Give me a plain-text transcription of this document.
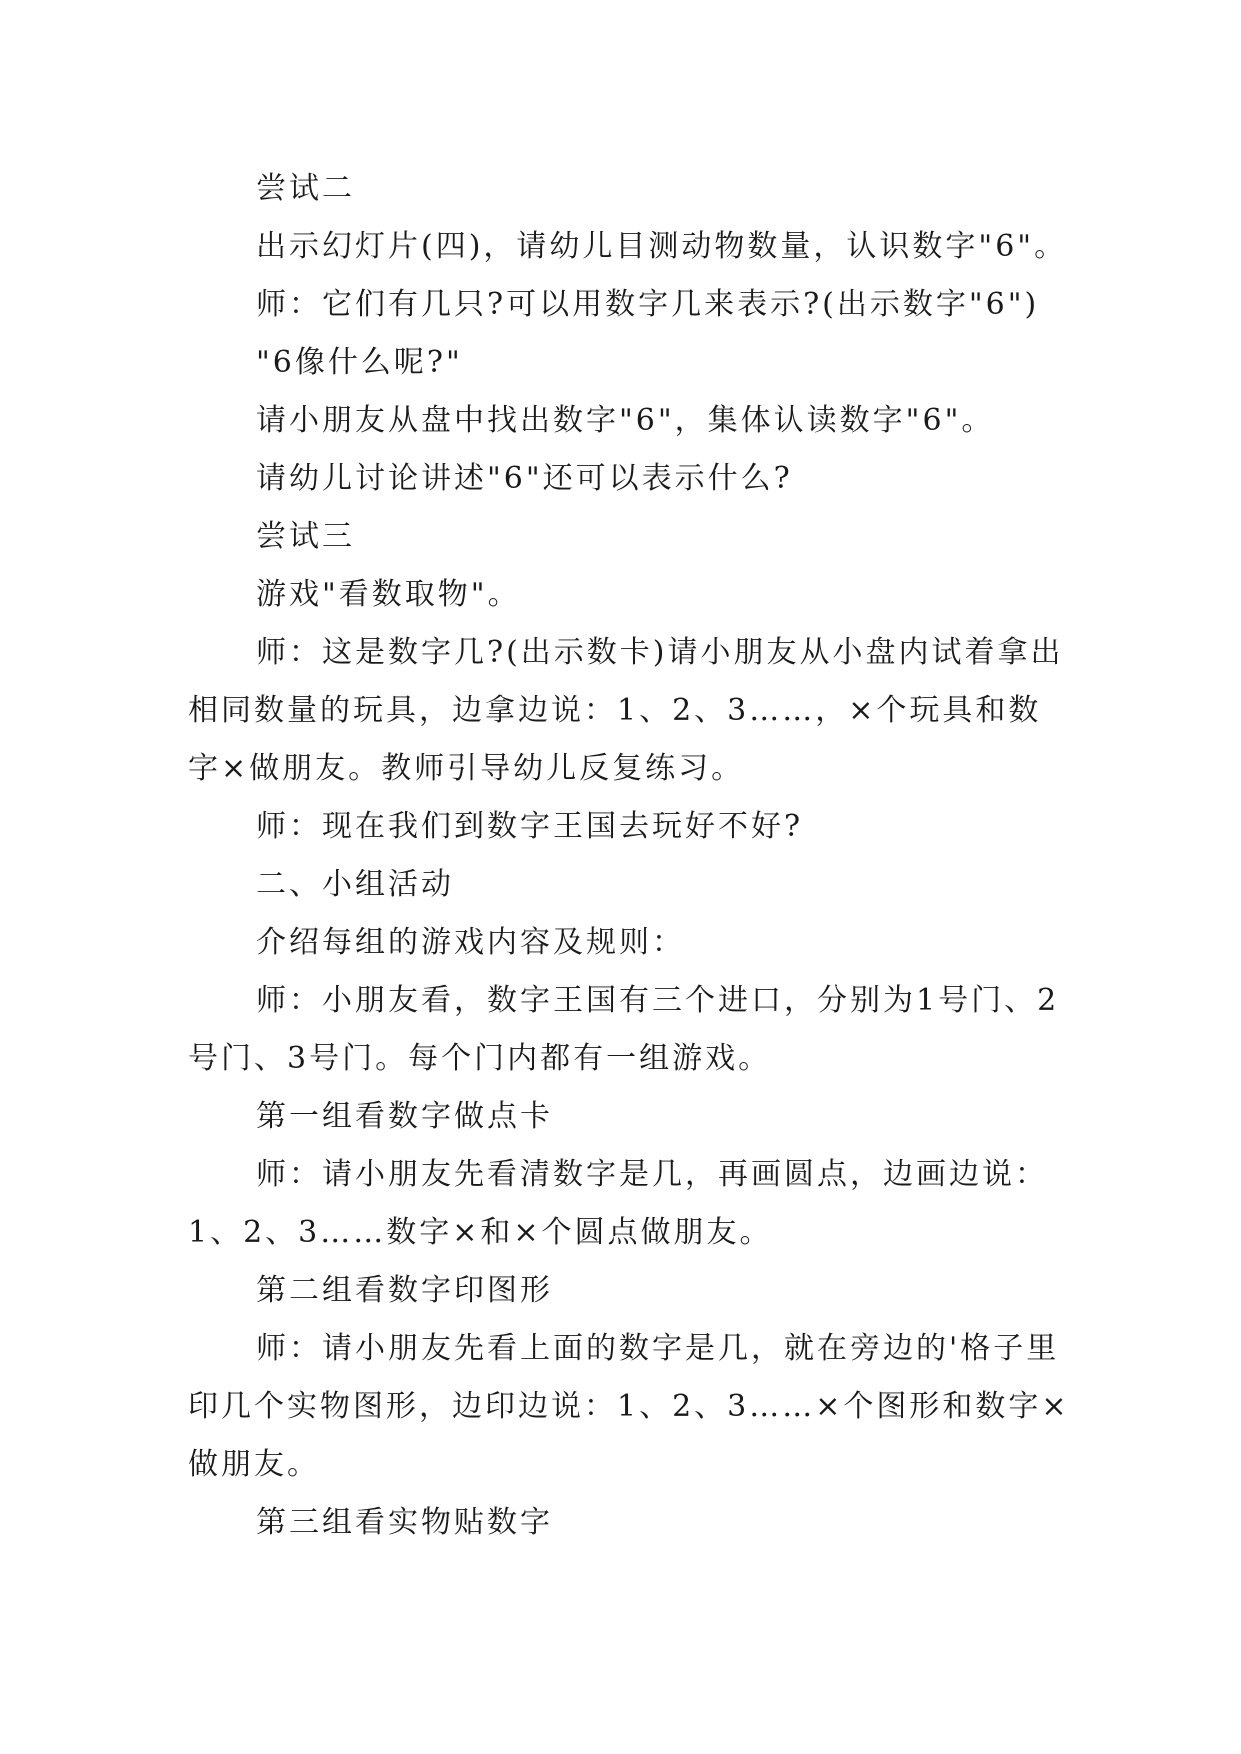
尝试二

出示幻灯片(四)，请幼儿目测动物数量，认识数字"6"。

师：它们有几只?可以用数字几来表示?(出示数字"6")

"6像什么呢?"

请小朋友从盘中找出数字"6"，集体认读数字"6"。

请幼儿讨论讲述"6"还可以表示什么?

尝试三

游戏"看数取物"。

师：这是数字几?(出示数卡)请小朋友从小盘内试着拿出相同数量的玩具，边拿边说：1、2、3……，×个玩具和数字×做朋友。教师引导幼儿反复练习。

师：现在我们到数字王国去玩好不好?

二、小组活动

介绍每组的游戏内容及规则：

师：小朋友看，数字王国有三个进口，分别为1号门、2号门、3号门。每个门内都有一组游戏。

第一组看数字做点卡

师：请小朋友先看清数字是几，再画圆点，边画边说：1、2、3……数字×和×个圆点做朋友。

第二组看数字印图形

师：请小朋友先看上面的数字是几，就在旁边的'格子里印几个实物图形，边印边说：1、2、3……×个图形和数字×做朋友。

第三组看实物贴数字
